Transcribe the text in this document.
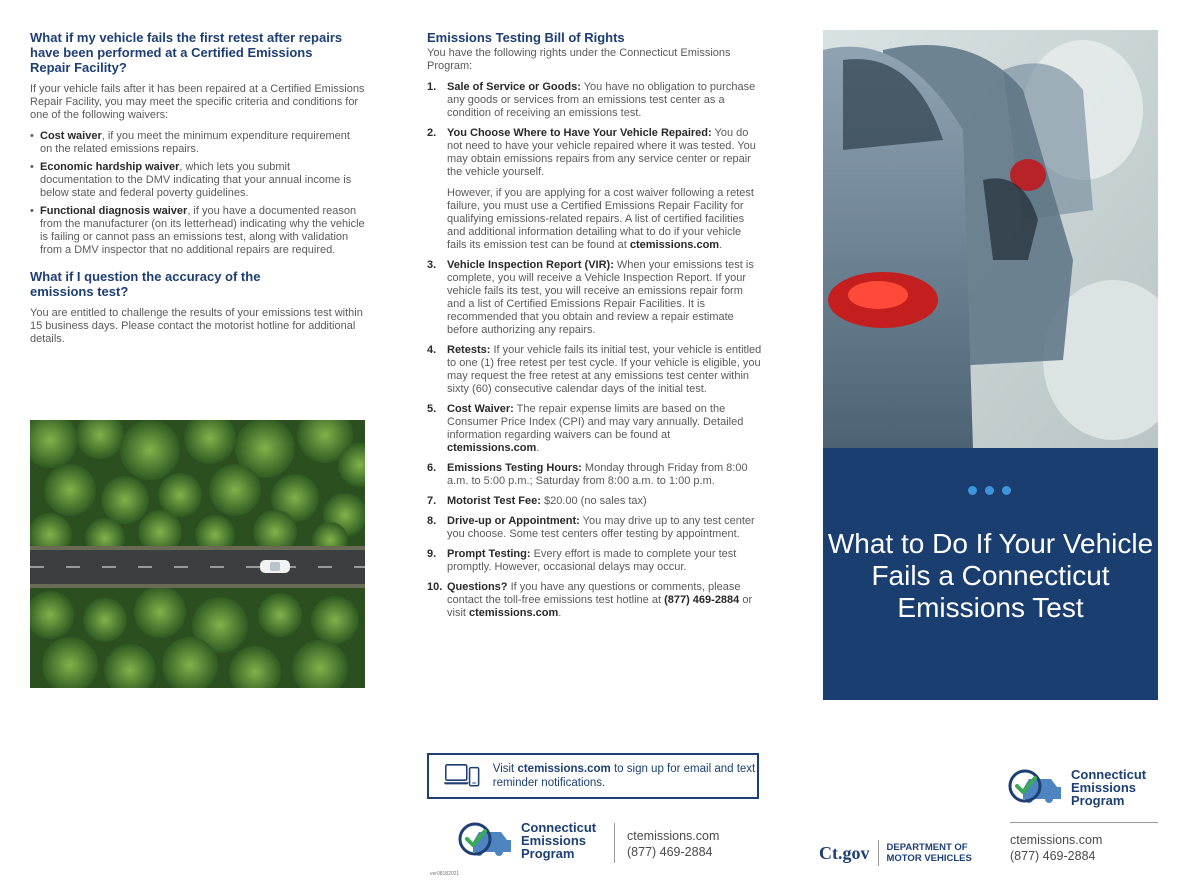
What if my vehicle fails the first retest after repairs have been performed at a Certified Emissions Repair Facility?

If your vehicle fails after it has been repaired at a Certified Emissions Repair Facility, you may meet the specific criteria and conditions for one of the following waivers:

• Cost waiver, if you meet the minimum expenditure requirement on the related emissions repairs.
• Economic hardship waiver, which lets you submit documentation to the DMV indicating that your annual income is below state and federal poverty guidelines.
• Functional diagnosis waiver, if you have a documented reason from the manufacturer (on its letterhead) indicating why the vehicle is failing or cannot pass an emissions test, along with validation from a DMV inspector that no additional repairs are required.
What if I question the accuracy of the emissions test?

You are entitled to challenge the results of your emissions test within 15 business days. Please contact the motorist hotline for additional details.

Emissions Testing Bill of Rights

You have the following rights under the Connecticut Emissions Program:

1. Sale of Service or Goods: You have no obligation to purchase any goods or services from an emissions test center as a condition of receiving an emissions test.
2. You Choose Where to Have Your Vehicle Repaired: You do not need to have your vehicle repaired where it was tested. You may obtain emissions repairs from any service center or repair the vehicle yourself.
However, if you are applying for a cost waiver following a retest failure, you must use a Certified Emissions Repair Facility for qualifying emissions-related repairs. A list of certified facilities and additional information detailing what to do if your vehicle fails its emission test can be found at ctemissions.com.
3. Vehicle Inspection Report (VIR): When your emissions test is complete, you will receive a Vehicle Inspection Report. If your vehicle fails its test, you will receive an emissions repair form and a list of Certified Emissions Repair Facilities. It is recommended that you obtain and review a repair estimate before authorizing any repairs.
4. Retests: If your vehicle fails its initial test, your vehicle is entitled to one (1) free retest per test cycle. If your vehicle is eligible, you may request the free retest at any emissions test center within sixty (60) consecutive calendar days of the initial test.
5. Cost Waiver: The repair expense limits are based on the Consumer Price Index (CPI) and may vary annually. Detailed information regarding waivers can be found at ctemissions.com.
6. Emissions Testing Hours: Monday through Friday from 8:00 a.m. to 5:00 p.m.; Saturday from 8:00 a.m. to 1:00 p.m.
7. Motorist Test Fee: $20.00 (no sales tax)
8. Drive-up or Appointment: You may drive up to any test center you choose. Some test centers offer testing by appointment.
9. Prompt Testing: Every effort is made to complete your test promptly. However, occasional delays may occur.
10. Questions? If you have any questions or comments, please contact the toll-free emissions test hotline at (877) 469-2884 or visit ctemissions.com.
Visit ctemissions.com to sign up for email and text reminder notifications.
Connecticut
Emissions
Program
ctemissions.com
(877) 469-2884
ver08182021
What to Do If Your Vehicle Fails a Connecticut Emissions Test
Ct.gov DEPARTMENT OF
MOTOR VEHICLES
Connecticut
Emissions
Program
ctemissions.com
(877) 469-2884
